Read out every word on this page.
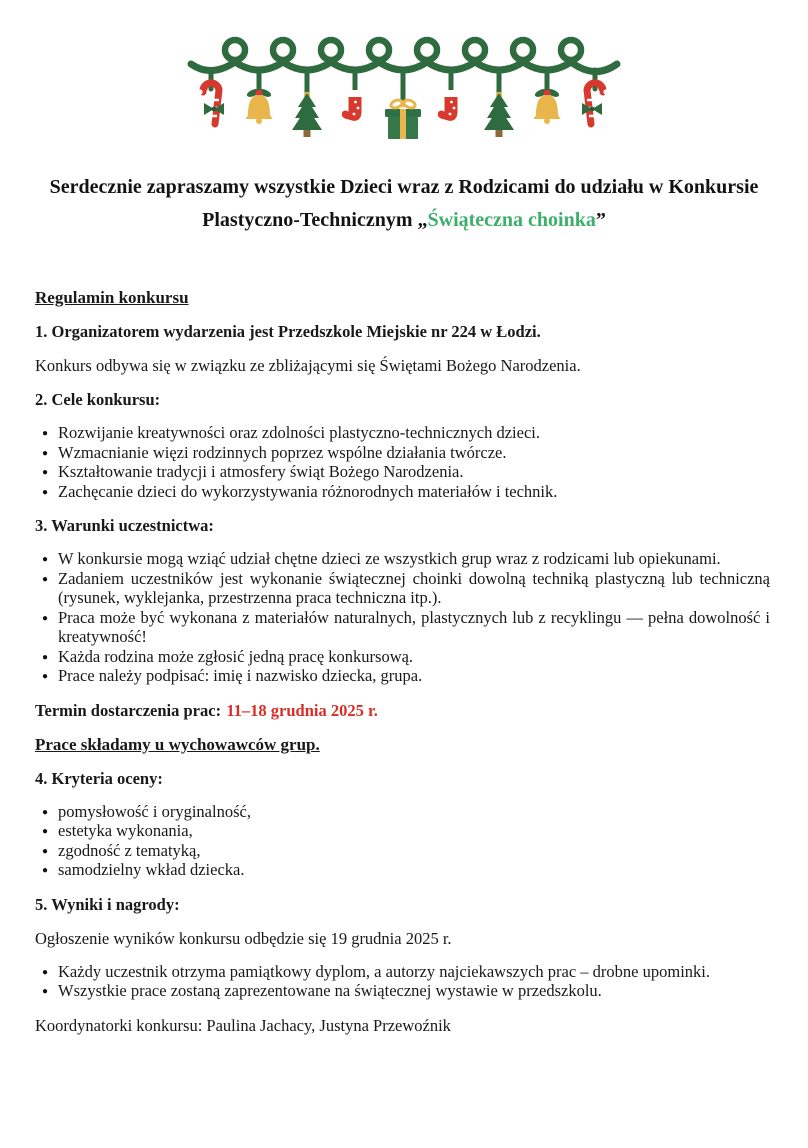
Serdecznie zapraszamy wszystkie Dzieci wraz z Rodzicami do udziału w Konkursie
Plastyczno-Technicznym „Świąteczna choinka”

Regulamin konkursu

1. Organizatorem wydarzenia jest Przedszkole Miejskie nr 224 w Łodzi.

Konkurs odbywa się w związku ze zbliżającymi się Świętami Bożego Narodzenia.

2. Cele konkursu:

● Rozwijanie kreatywności oraz zdolności plastyczno-technicznych dzieci.
● Wzmacnianie więzi rodzinnych poprzez wspólne działania twórcze.
● Kształtowanie tradycji i atmosfery świąt Bożego Narodzenia.
● Zachęcanie dzieci do wykorzystywania różnorodnych materiałów i technik.

3. Warunki uczestnictwa:

● W konkursie mogą wziąć udział chętne dzieci ze wszystkich grup wraz z rodzicami lub opiekunami.
● Zadaniem uczestników jest wykonanie świątecznej choinki dowolną techniką plastyczną lub techniczną (rysunek, wyklejanka, przestrzenna praca techniczna itp.).
● Praca może być wykonana z materiałów naturalnych, plastycznych lub z recyklingu — pełna dowolność i kreatywność!
● Każda rodzina może zgłosić jedną pracę konkursową.
● Prace należy podpisać: imię i nazwisko dziecka, grupa.

Termin dostarczenia prac: 11–18 grudnia 2025 r.

Prace składamy u wychowawców grup.

4. Kryteria oceny:

● pomysłowość i oryginalność,
● estetyka wykonania,
● zgodność z tematyką,
● samodzielny wkład dziecka.

5. Wyniki i nagrody:

Ogłoszenie wyników konkursu odbędzie się 19 grudnia 2025 r.

● Każdy uczestnik otrzyma pamiątkowy dyplom, a autorzy najciekawszych prac – drobne upominki.
● Wszystkie prace zostaną zaprezentowane na świątecznej wystawie w przedszkolu.

Koordynatorki konkursu: Paulina Jachacy, Justyna Przewoźnik
